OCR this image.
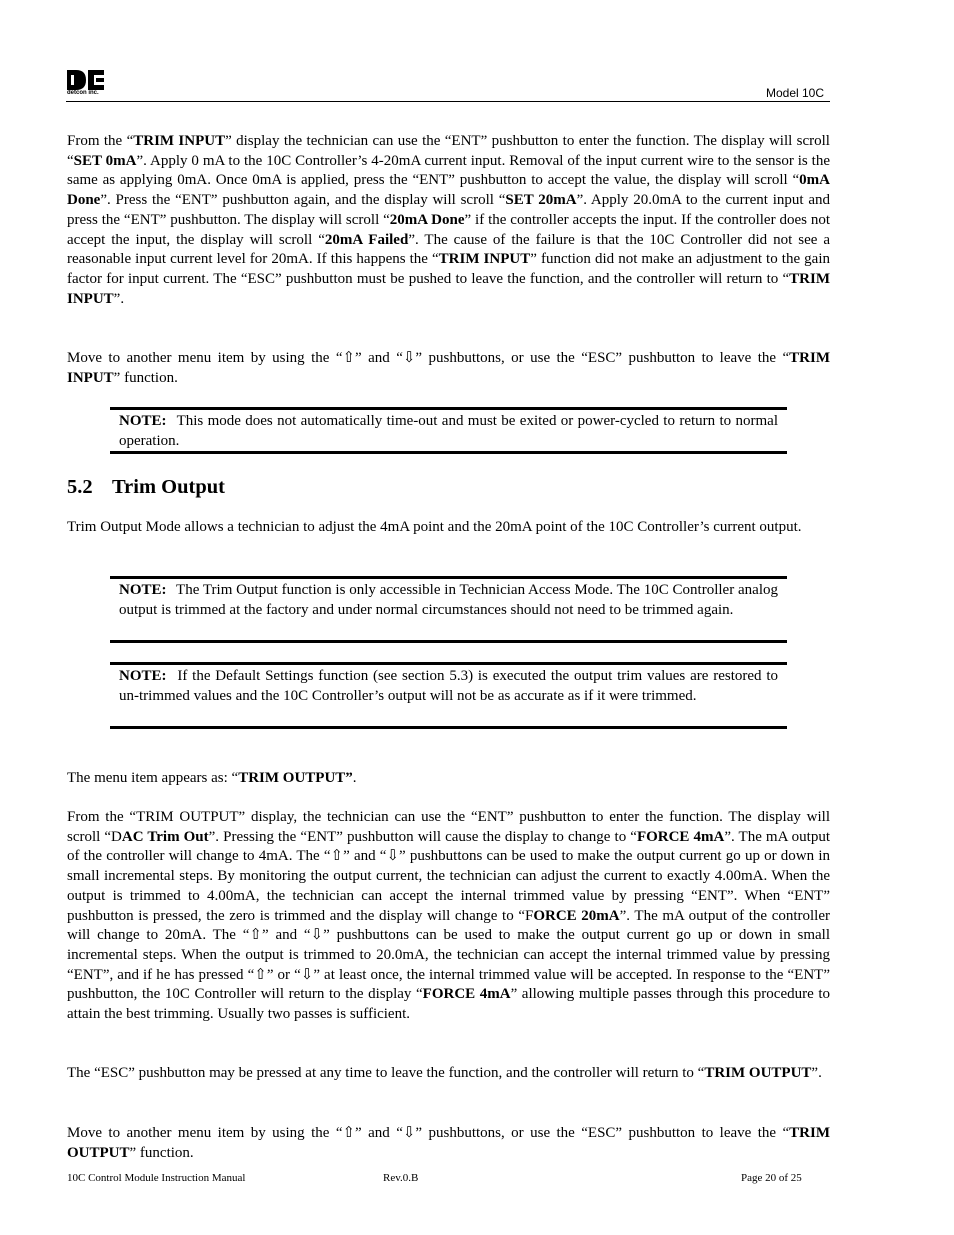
detcon inc.	Model 10C

From the “TRIM INPUT” display the technician can use the “ENT” pushbutton to enter the function. The display will scroll “SET 0mA”. Apply 0 mA to the 10C Controller’s 4-20mA current input. Removal of the input current wire to the sensor is the same as applying 0mA. Once 0mA is applied, press the “ENT” pushbutton to accept the value, the display will scroll “0mA Done”. Press the “ENT” pushbutton again, and the display will scroll “SET 20mA”. Apply 20.0mA to the current input and press the “ENT” pushbutton. The display will scroll “20mA Done” if the controller accepts the input. If the controller does not accept the input, the display will scroll “20mA Failed”. The cause of the failure is that the 10C Controller did not see a reasonable input current level for 20mA. If this happens the “TRIM INPUT” function did not make an adjustment to the gain factor for input current. The “ESC” pushbutton must be pushed to leave the function, and the controller will return to “TRIM INPUT”.

Move to another menu item by using the “⇧” and “⇩” pushbuttons, or use the “ESC” pushbutton to leave the “TRIM INPUT” function.

NOTE: This mode does not automatically time-out and must be exited or power-cycled to return to normal operation.
5.2 Trim Output

Trim Output Mode allows a technician to adjust the 4mA point and the 20mA point of the 10C Controller’s current output.

NOTE: The Trim Output function is only accessible in Technician Access Mode. The 10C Controller analog output is trimmed at the factory and under normal circumstances should not need to be trimmed again.
NOTE: If the Default Settings function (see section 5.3) is executed the output trim values are restored to un-trimmed values and the 10C Controller’s output will not be as accurate as if it were trimmed.

The menu item appears as: “TRIM OUTPUT”.

From the “TRIM OUTPUT” display, the technician can use the “ENT” pushbutton to enter the function. The display will scroll “DAC Trim Out”. Pressing the “ENT” pushbutton will cause the display to change to “FORCE 4mA”. The mA output of the controller will change to 4mA. The “⇧” and “⇩” pushbuttons can be used to make the output current go up or down in small incremental steps. By monitoring the output current, the technician can adjust the current to exactly 4.00mA. When the output is trimmed to 4.00mA, the technician can accept the internal trimmed value by pressing “ENT”. When “ENT” pushbutton is pressed, the zero is trimmed and the display will change to “FORCE 20mA”. The mA output of the controller will change to 20mA. The “⇧” and “⇩” pushbuttons can be used to make the output current go up or down in small incremental steps. When the output is trimmed to 20.0mA, the technician can accept the internal trimmed value by pressing “ENT”, and if he has pressed “⇧” or “⇩” at least once, the internal trimmed value will be accepted. In response to the “ENT” pushbutton, the 10C Controller will return to the display “FORCE 4mA” allowing multiple passes through this procedure to attain the best trimming. Usually two passes is sufficient.

The “ESC” pushbutton may be pressed at any time to leave the function, and the controller will return to “TRIM OUTPUT”.

Move to another menu item by using the “⇧” and “⇩” pushbuttons, or use the “ESC” pushbutton to leave the “TRIM OUTPUT” function.

10C Control Module Instruction Manual	Rev.0.B	Page 20 of 25
